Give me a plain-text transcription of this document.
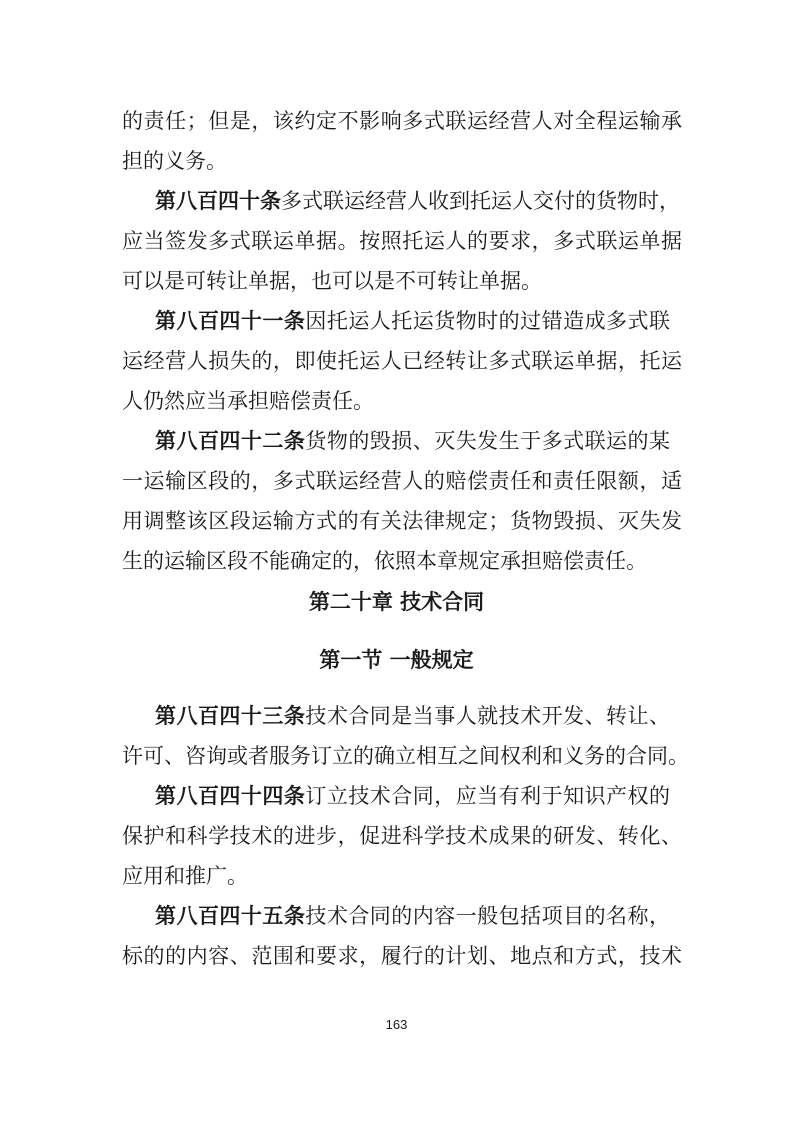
的责任；但是，该约定不影响多式联运经营人对全程运输承
担的义务。
第八百四十条多式联运经营人收到托运人交付的货物时，
应当签发多式联运单据。按照托运人的要求，多式联运单据
可以是可转让单据，也可以是不可转让单据。
第八百四十一条因托运人托运货物时的过错造成多式联
运经营人损失的，即使托运人已经转让多式联运单据，托运
人仍然应当承担赔偿责任。
第八百四十二条货物的毁损、灭失发生于多式联运的某
一运输区段的，多式联运经营人的赔偿责任和责任限额，适
用调整该区段运输方式的有关法律规定；货物毁损、灭失发
生的运输区段不能确定的，依照本章规定承担赔偿责任。
第二十章 技术合同
第一节 一般规定
第八百四十三条技术合同是当事人就技术开发、转让、
许可、咨询或者服务订立的确立相互之间权利和义务的合同。
第八百四十四条订立技术合同，应当有利于知识产权的
保护和科学技术的进步，促进科学技术成果的研发、转化、
应用和推广。
第八百四十五条技术合同的内容一般包括项目的名称，
标的的内容、范围和要求，履行的计划、地点和方式，技术
163
